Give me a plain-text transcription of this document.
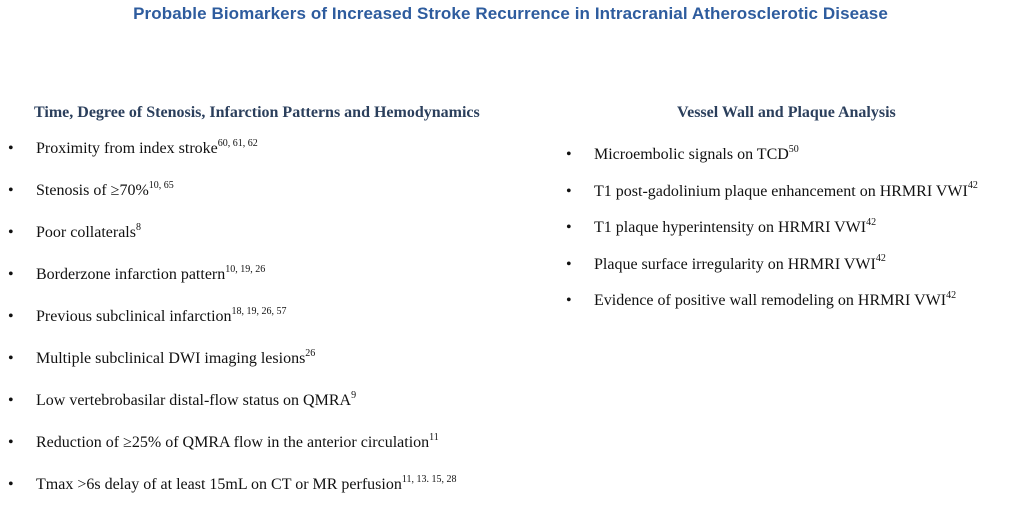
Probable Biomarkers of Increased Stroke Recurrence in Intracranial Atherosclerotic Disease
Time, Degree of Stenosis, Infarction Patterns and Hemodynamics	Vessel Wall and Plaque Analysis
• Proximity from index stroke$^{60, 61, 62}$
• Stenosis of ≥70%$^{10, 65}$
• Poor collaterals$^8$
• Borderzone infarction pattern$^{10, 19, 26}$
• Previous subclinical infarction$^{18, 19, 26, 57}$
• Multiple subclinical DWI imaging lesions$^{26}$
• Low vertebrobasilar distal-flow status on QMRA$^9$
• Reduction of ≥25% of QMRA flow in the anterior circulation$^{11}$
• Tmax >6s delay of at least 15mL on CT or MR perfusion$^{11, 13. 15, 28}$
• Microembolic signals on TCD$^{50}$
• T1 post-gadolinium plaque enhancement on HRMRI VWI$^{42}$
• T1 plaque hyperintensity on HRMRI VWI$^{42}$
• Plaque surface irregularity on HRMRI VWI$^{42}$
• Evidence of positive wall remodeling on HRMRI VWI$^{42}$
